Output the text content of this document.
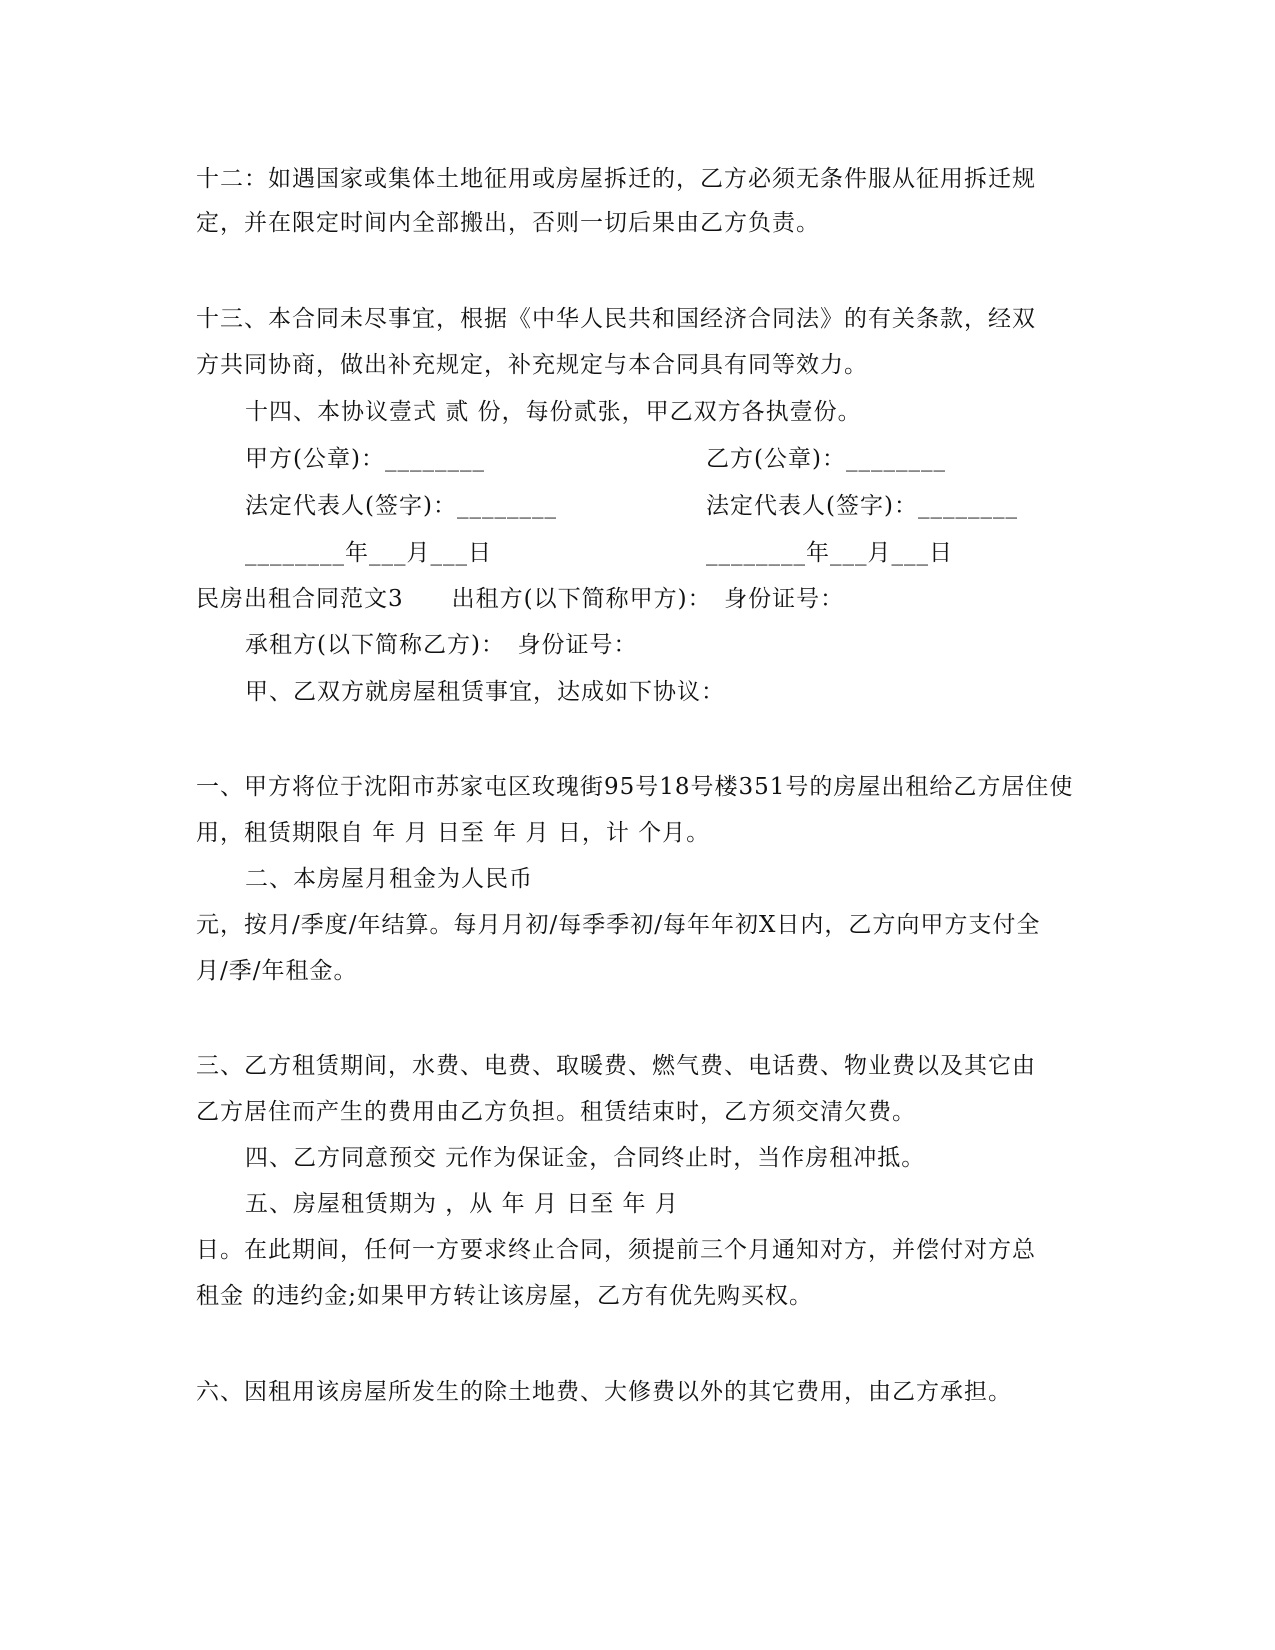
十二：如遇国家或集体土地征用或房屋拆迁的，乙方必须无条件服从征用拆迁规
定，并在限定时间内全部搬出，否则一切后果由乙方负责。
十三、本合同未尽事宜，根据《中华人民共和国经济合同法》的有关条款，经双
方共同协商，做出补充规定，补充规定与本合同具有同等效力。
十四、本协议壹式 贰 份，每份贰张，甲乙双方各执壹份。
甲方(公章)：________	乙方(公章)：________
法定代表人(签字)：________	法定代表人(签字)：________
________年___月___日	________年___月___日
民房出租合同范文3　　出租方(以下简称甲方)：　身份证号：
承租方(以下简称乙方)：　身份证号：
甲、乙双方就房屋租赁事宜，达成如下协议：
一、甲方将位于沈阳市苏家屯区玫瑰街95号18号楼351号的房屋出租给乙方居住使
用，租赁期限自 年 月 日至 年 月 日，计 个月。
二、本房屋月租金为人民币
元，按月/季度/年结算。每月月初/每季季初/每年年初X日内，乙方向甲方支付全
月/季/年租金。
三、乙方租赁期间，水费、电费、取暖费、燃气费、电话费、物业费以及其它由
乙方居住而产生的费用由乙方负担。租赁结束时，乙方须交清欠费。
四、乙方同意预交 元作为保证金，合同终止时，当作房租冲抵。
五、房屋租赁期为 ，从 年 月 日至 年 月
日。在此期间，任何一方要求终止合同，须提前三个月通知对方，并偿付对方总
租金 的违约金;如果甲方转让该房屋，乙方有优先购买权。
六、因租用该房屋所发生的除土地费、大修费以外的其它费用，由乙方承担。
